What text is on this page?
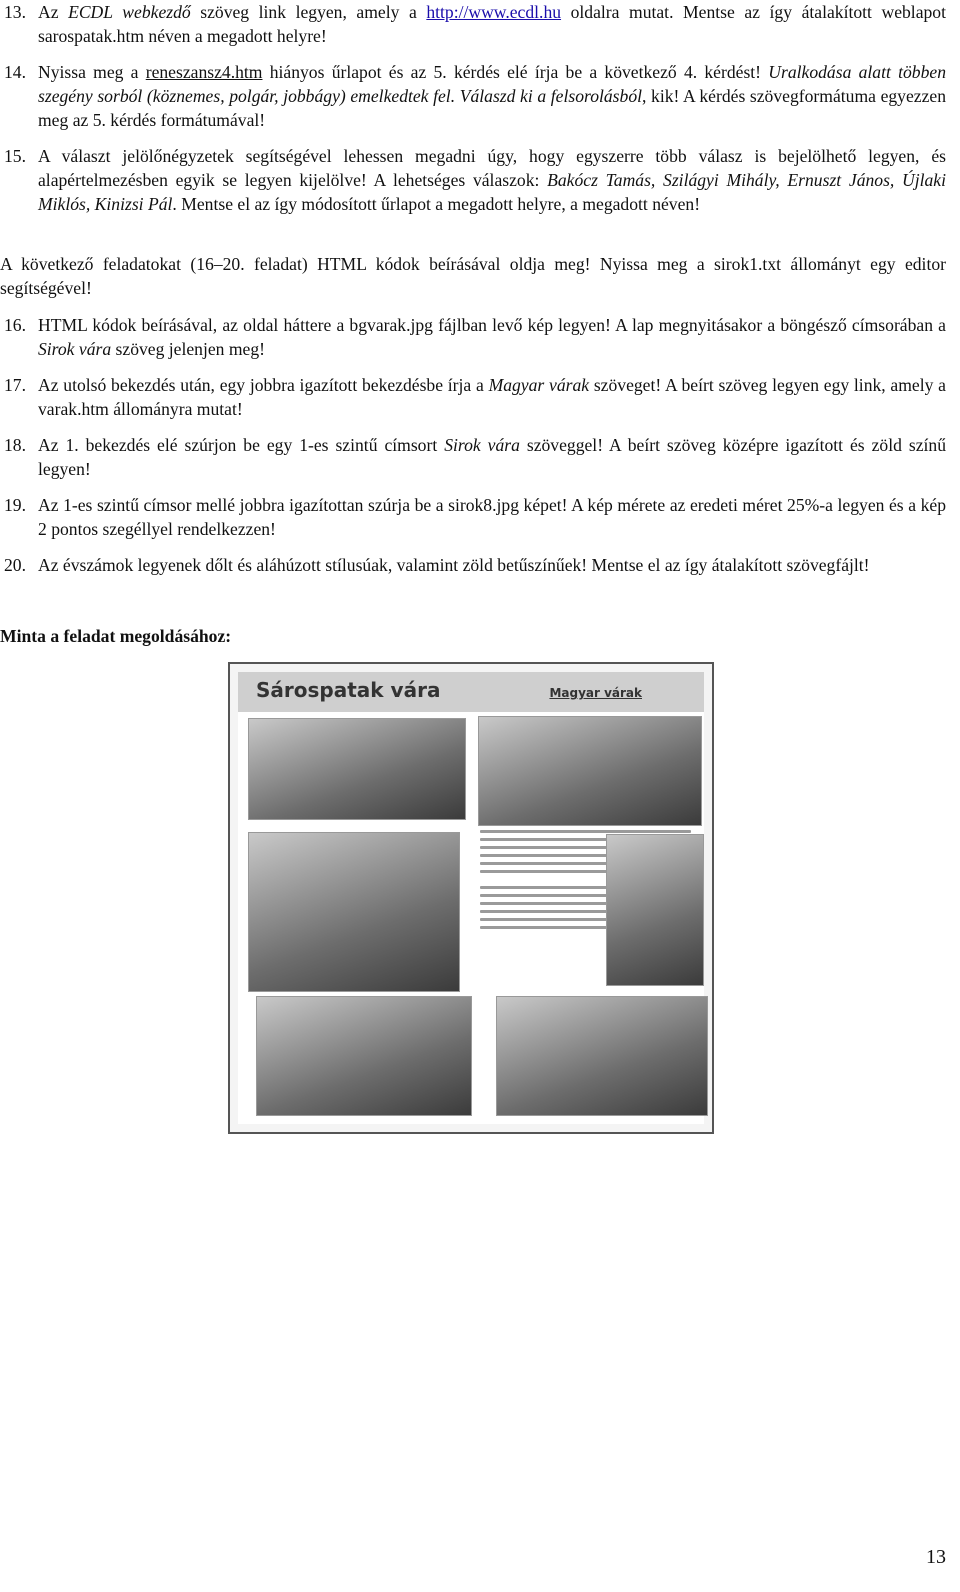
13. Az ECDL webkezdő szöveg link legyen, amely a http://www.ecdl.hu oldalra mutat. Mentse az így átalakított weblapot sarospatak.htm néven a megadott helyre!
14. Nyissa meg a reneszansz4.htm hiányos űrlapot és az 5. kérdés elé írja be a következő 4. kérdést! Uralkodása alatt többen szegény sorból (köznemes, polgár, jobbágy) emelkedtek fel. Válaszd ki a felsorolásból, kik! A kérdés szövegformátuma egyezzen meg az 5. kérdés formátumával!
15. A választ jelölőnégyzetek segítségével lehessen megadni úgy, hogy egyszerre több válasz is bejelölhető legyen, és alapértelmezésben egyik se legyen kijelölve! A lehetséges válaszok: Bakócz Tamás, Szilágyi Mihály, Ernuszt János, Újlaki Miklós, Kinizsi Pál. Mentse el az így módosított űrlapot a megadott helyre, a megadott néven!
A következő feladatokat (16–20. feladat) HTML kódok beírásával oldja meg! Nyissa meg a sirok1.txt állományt egy editor segítségével!
16. HTML kódok beírásával, az oldal háttere a bgvarak.jpg fájlban levő kép legyen! A lap megnyitásakor a böngésző címsorában a Sirok vára szöveg jelenjen meg!
17. Az utolsó bekezdés után, egy jobbra igazított bekezdésbe írja a Magyar várak szöveget! A beírt szöveg legyen egy link, amely a varak.htm állományra mutat!
18. Az 1. bekezdés elé szúrjon be egy 1-es szintű címsort Sirok vára szöveggel! A beírt szöveg középre igazított és zöld színű legyen!
19. Az 1-es szintű címsor mellé jobbra igazítottan szúrja be a sirok8.jpg képet! A kép mérete az eredeti méret 25%-a legyen és a kép 2 pontos szegéllyel rendelkezzen!
20. Az évszámok legyenek dőlt és aláhúzott stílusúak, valamint zöld betűszínűek! Mentse el az így átalakított szövegfájlt!
Minta a feladat megoldásához:
Sárospatak vára	Magyar várak
13
